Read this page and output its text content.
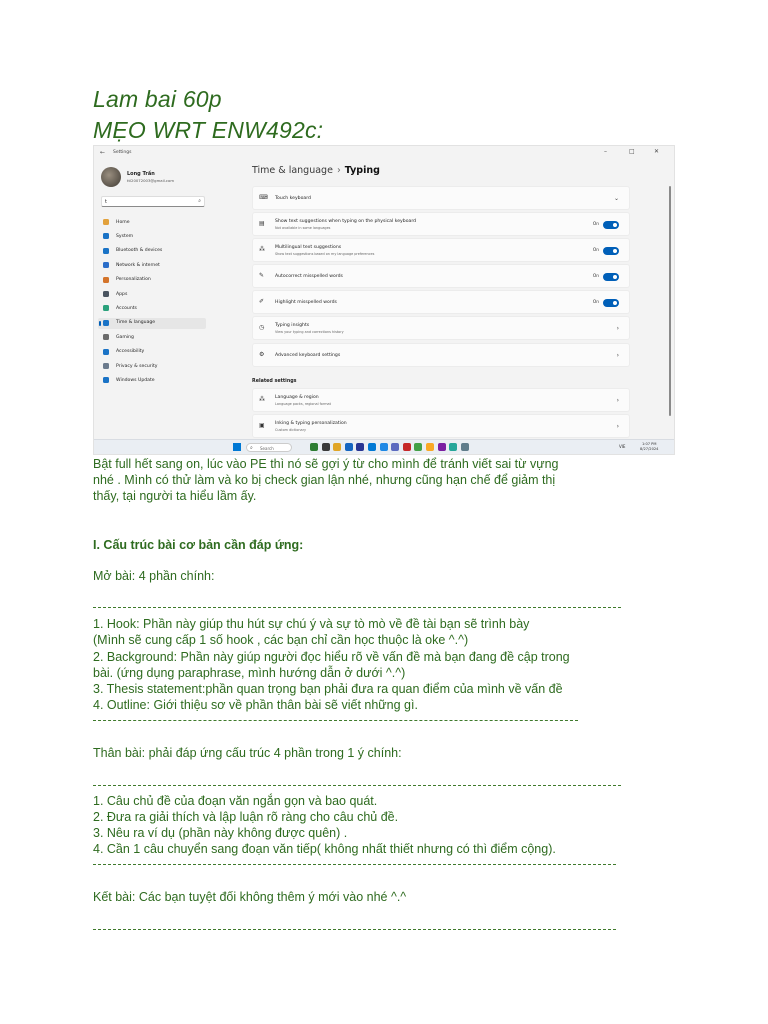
Lam bai 60p
MẸO WRT ENW492c:
← Settings	–	□	✕
Long Trần
ttl20072003@gmail.com
t	⌕
Home
System
Bluetooth & devices
Network & internet
Personalization
Apps
Accounts
Time & language
Gaming
Accessibility
Privacy & security
Windows Update
Time & language › Typing
⌨ Touch keyboard	⌄
▤ Show text suggestions when typing on the physical keyboard
Not available in some languages
On
⁂ Multilingual text suggestions
Show text suggestions based on my language preferences
On
✎ Autocorrect misspelled words	On
✐ Highlight misspelled words	On
◷ Typing insights
View your typing and corrections history	›
⚙ Advanced keyboard settings	›
Related settings
⁂ Language & region
Language packs, regional format	›
▣ Inking & typing personalization
Custom dictionary	›
⌕ Search	VIE	1:07 PM
8/27/2024
Bật full hết sang on, lúc vào PE thì nó sẽ gợi ý từ cho mình để tránh viết sai từ vựng
nhé . Mình có thử làm và ko bị check gian lận nhé, nhưng cũng hạn chế để giảm thị
thấy, tại người ta hiểu lầm ấy.
I. Cấu trúc bài cơ bản cần đáp ứng:
Mở bài: 4 phần chính:
1. Hook: Phần này giúp thu hút sự chú ý và sự tò mò về đề tài bạn sẽ trình bày
(Mình sẽ cung cấp 1 số hook , các bạn chỉ cần học thuộc là oke ^.^)
2. Background: Phần này giúp người đọc hiểu rõ về vấn đề mà bạn đang đề cập trong
bài. (ứng dụng paraphrase, mình hướng dẫn ở dưới ^.^)
3. Thesis statement:phần quan trọng bạn phải đưa ra quan điểm của mình về vấn đề
4. Outline: Giới thiệu sơ về phần thân bài sẽ viết những gì.
Thân bài: phải đáp ứng cấu trúc 4 phần trong 1 ý chính:
1. Câu chủ đề của đoạn văn ngắn gọn và bao quát.
2. Đưa ra giải thích và lập luận rõ ràng cho câu chủ đề.
3. Nêu ra ví dụ (phần này không được quên) .
4. Cần 1 câu chuyển sang đoạn văn tiếp( không nhất thiết nhưng có thì điểm cộng).
Kết bài: Các bạn tuyệt đối không thêm ý mới vào nhé ^.^
